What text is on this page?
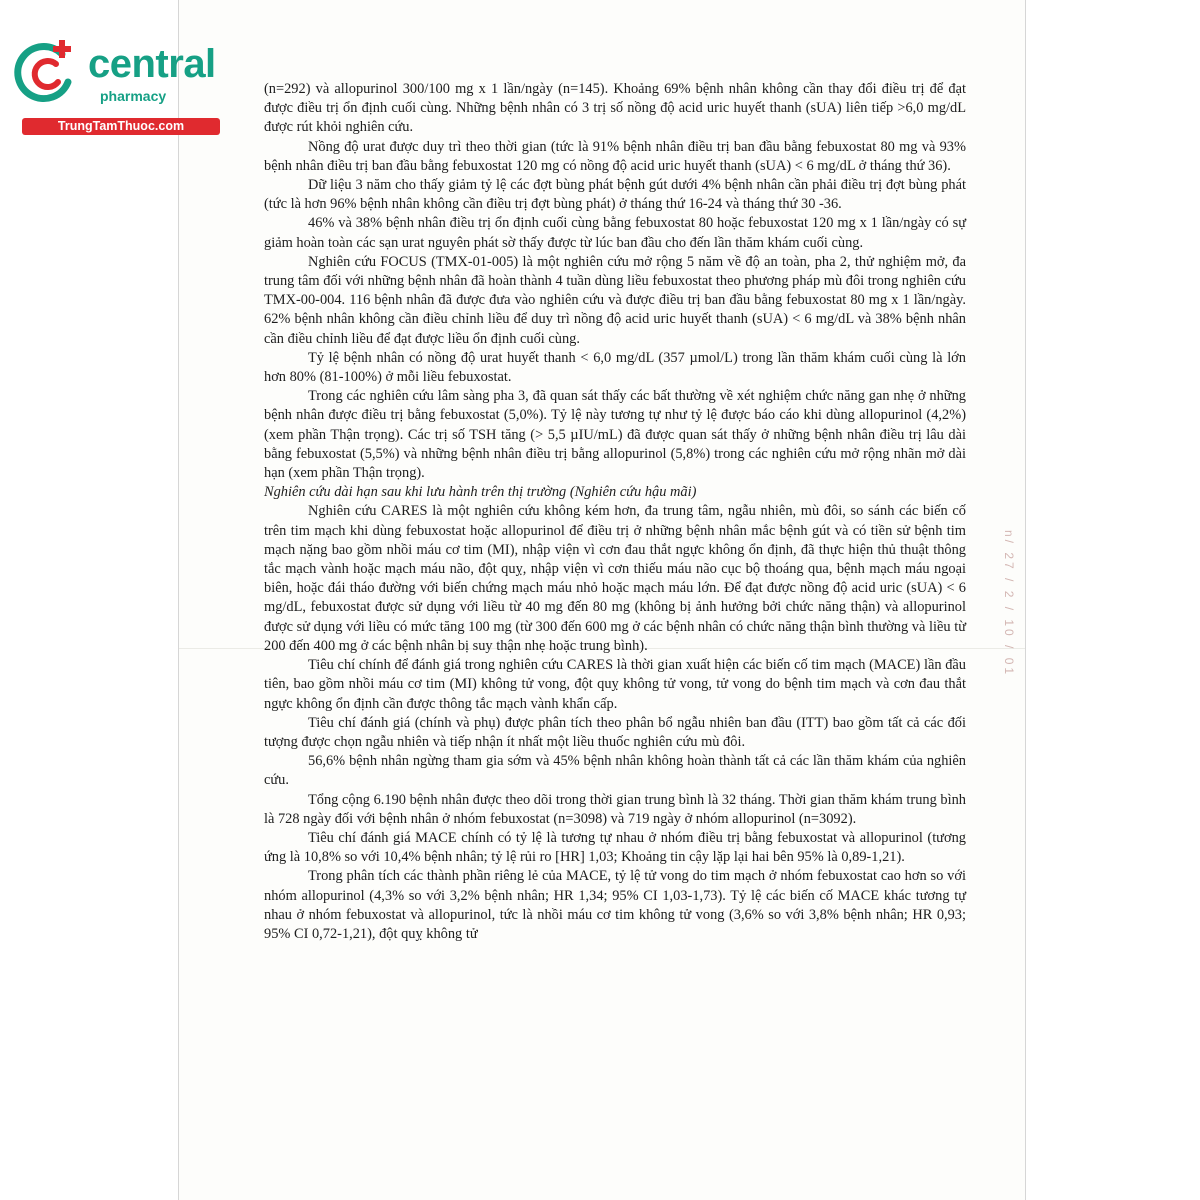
central
pharmacy
TrungTamThuoc.com
n/ 27 / 2 / 10 / 01

(n=292) và allopurinol 300/100 mg x 1 lần/ngày (n=145). Khoảng 69% bệnh nhân không cần thay đổi điều trị để đạt được điều trị ổn định cuối cùng. Những bệnh nhân có 3 trị số nồng độ acid uric huyết thanh (sUA) liên tiếp >6,0 mg/dL được rút khỏi nghiên cứu.

Nồng độ urat được duy trì theo thời gian (tức là 91% bệnh nhân điều trị ban đầu bằng febuxostat 80 mg và 93% bệnh nhân điều trị ban đầu bằng febuxostat 120 mg có nồng độ acid uric huyết thanh (sUA) < 6 mg/dL ở tháng thứ 36).

Dữ liệu 3 năm cho thấy giảm tỷ lệ các đợt bùng phát bệnh gút dưới 4% bệnh nhân cần phải điều trị đợt bùng phát (tức là hơn 96% bệnh nhân không cần điều trị đợt bùng phát) ở tháng thứ 16-24 và tháng thứ 30 -36.

46% và 38% bệnh nhân điều trị ổn định cuối cùng bằng febuxostat 80 hoặc febuxostat 120 mg x 1 lần/ngày có sự giảm hoàn toàn các sạn urat nguyên phát sờ thấy được từ lúc ban đầu cho đến lần thăm khám cuối cùng.

Nghiên cứu FOCUS (TMX-01-005) là một nghiên cứu mở rộng 5 năm về độ an toàn, pha 2, thử nghiệm mở, đa trung tâm đối với những bệnh nhân đã hoàn thành 4 tuần dùng liều febuxostat theo phương pháp mù đôi trong nghiên cứu TMX-00-004. 116 bệnh nhân đã được đưa vào nghiên cứu và được điều trị ban đầu bằng febuxostat 80 mg x 1 lần/ngày. 62% bệnh nhân không cần điều chỉnh liều để duy trì nồng độ acid uric huyết thanh (sUA) < 6 mg/dL và 38% bệnh nhân cần điều chỉnh liều để đạt được liều ổn định cuối cùng.

Tỷ lệ bệnh nhân có nồng độ urat huyết thanh < 6,0 mg/dL (357 µmol/L) trong lần thăm khám cuối cùng là lớn hơn 80% (81-100%) ở mỗi liều febuxostat.

Trong các nghiên cứu lâm sàng pha 3, đã quan sát thấy các bất thường về xét nghiệm chức năng gan nhẹ ở những bệnh nhân được điều trị bằng febuxostat (5,0%). Tỷ lệ này tương tự như tỷ lệ được báo cáo khi dùng allopurinol (4,2%) (xem phần Thận trọng). Các trị số TSH tăng (> 5,5 µIU/mL) đã được quan sát thấy ở những bệnh nhân điều trị lâu dài bằng febuxostat (5,5%) và những bệnh nhân điều trị bằng allopurinol (5,8%) trong các nghiên cứu mở rộng nhãn mở dài hạn (xem phần Thận trọng).

Nghiên cứu dài hạn sau khi lưu hành trên thị trường (Nghiên cứu hậu mãi)

Nghiên cứu CARES là một nghiên cứu không kém hơn, đa trung tâm, ngẫu nhiên, mù đôi, so sánh các biến cố trên tim mạch khi dùng febuxostat hoặc allopurinol để điều trị ở những bệnh nhân mắc bệnh gút và có tiền sử bệnh tim mạch nặng bao gồm nhồi máu cơ tim (MI), nhập viện vì cơn đau thắt ngực không ổn định, đã thực hiện thủ thuật thông tắc mạch vành hoặc mạch máu não, đột quỵ, nhập viện vì cơn thiếu máu não cục bộ thoáng qua, bệnh mạch máu ngoại biên, hoặc đái tháo đường với biến chứng mạch máu nhỏ hoặc mạch máu lớn. Để đạt được nồng độ acid uric (sUA) < 6 mg/dL, febuxostat được sử dụng với liều từ 40 mg đến 80 mg (không bị ảnh hưởng bởi chức năng thận) và allopurinol được sử dụng với liều có mức tăng 100 mg (từ 300 đến 600 mg ở các bệnh nhân có chức năng thận bình thường và liều từ 200 đến 400 mg ở các bệnh nhân bị suy thận nhẹ hoặc trung bình).

Tiêu chí chính để đánh giá trong nghiên cứu CARES là thời gian xuất hiện các biến cố tim mạch (MACE) lần đầu tiên, bao gồm nhồi máu cơ tim (MI) không tử vong, đột quỵ không tử vong, tử vong do bệnh tim mạch và cơn đau thắt ngực không ổn định cần được thông tắc mạch vành khẩn cấp.

Tiêu chí đánh giá (chính và phụ) được phân tích theo phân bổ ngẫu nhiên ban đầu (ITT) bao gồm tất cả các đối tượng được chọn ngẫu nhiên và tiếp nhận ít nhất một liều thuốc nghiên cứu mù đôi.

56,6% bệnh nhân ngừng tham gia sớm và 45% bệnh nhân không hoàn thành tất cả các lần thăm khám của nghiên cứu.

Tổng cộng 6.190 bệnh nhân được theo dõi trong thời gian trung bình là 32 tháng. Thời gian thăm khám trung bình là 728 ngày đối với bệnh nhân ở nhóm febuxostat (n=3098) và 719 ngày ở nhóm allopurinol (n=3092).

Tiêu chí đánh giá MACE chính có tỷ lệ là tương tự nhau ở nhóm điều trị bằng febuxostat và allopurinol (tương ứng là 10,8% so với 10,4% bệnh nhân; tỷ lệ rủi ro [HR] 1,03; Khoảng tin cậy lặp lại hai bên 95% là 0,89-1,21).

Trong phân tích các thành phần riêng lẻ của MACE, tỷ lệ tử vong do tim mạch ở nhóm febuxostat cao hơn so với nhóm allopurinol (4,3% so với 3,2% bệnh nhân; HR 1,34; 95% CI 1,03-1,73). Tỷ lệ các biến cố MACE khác tương tự nhau ở nhóm febuxostat và allopurinol, tức là nhồi máu cơ tim không tử vong (3,6% so với 3,8% bệnh nhân; HR 0,93; 95% CI 0,72-1,21), đột quỵ không tử
